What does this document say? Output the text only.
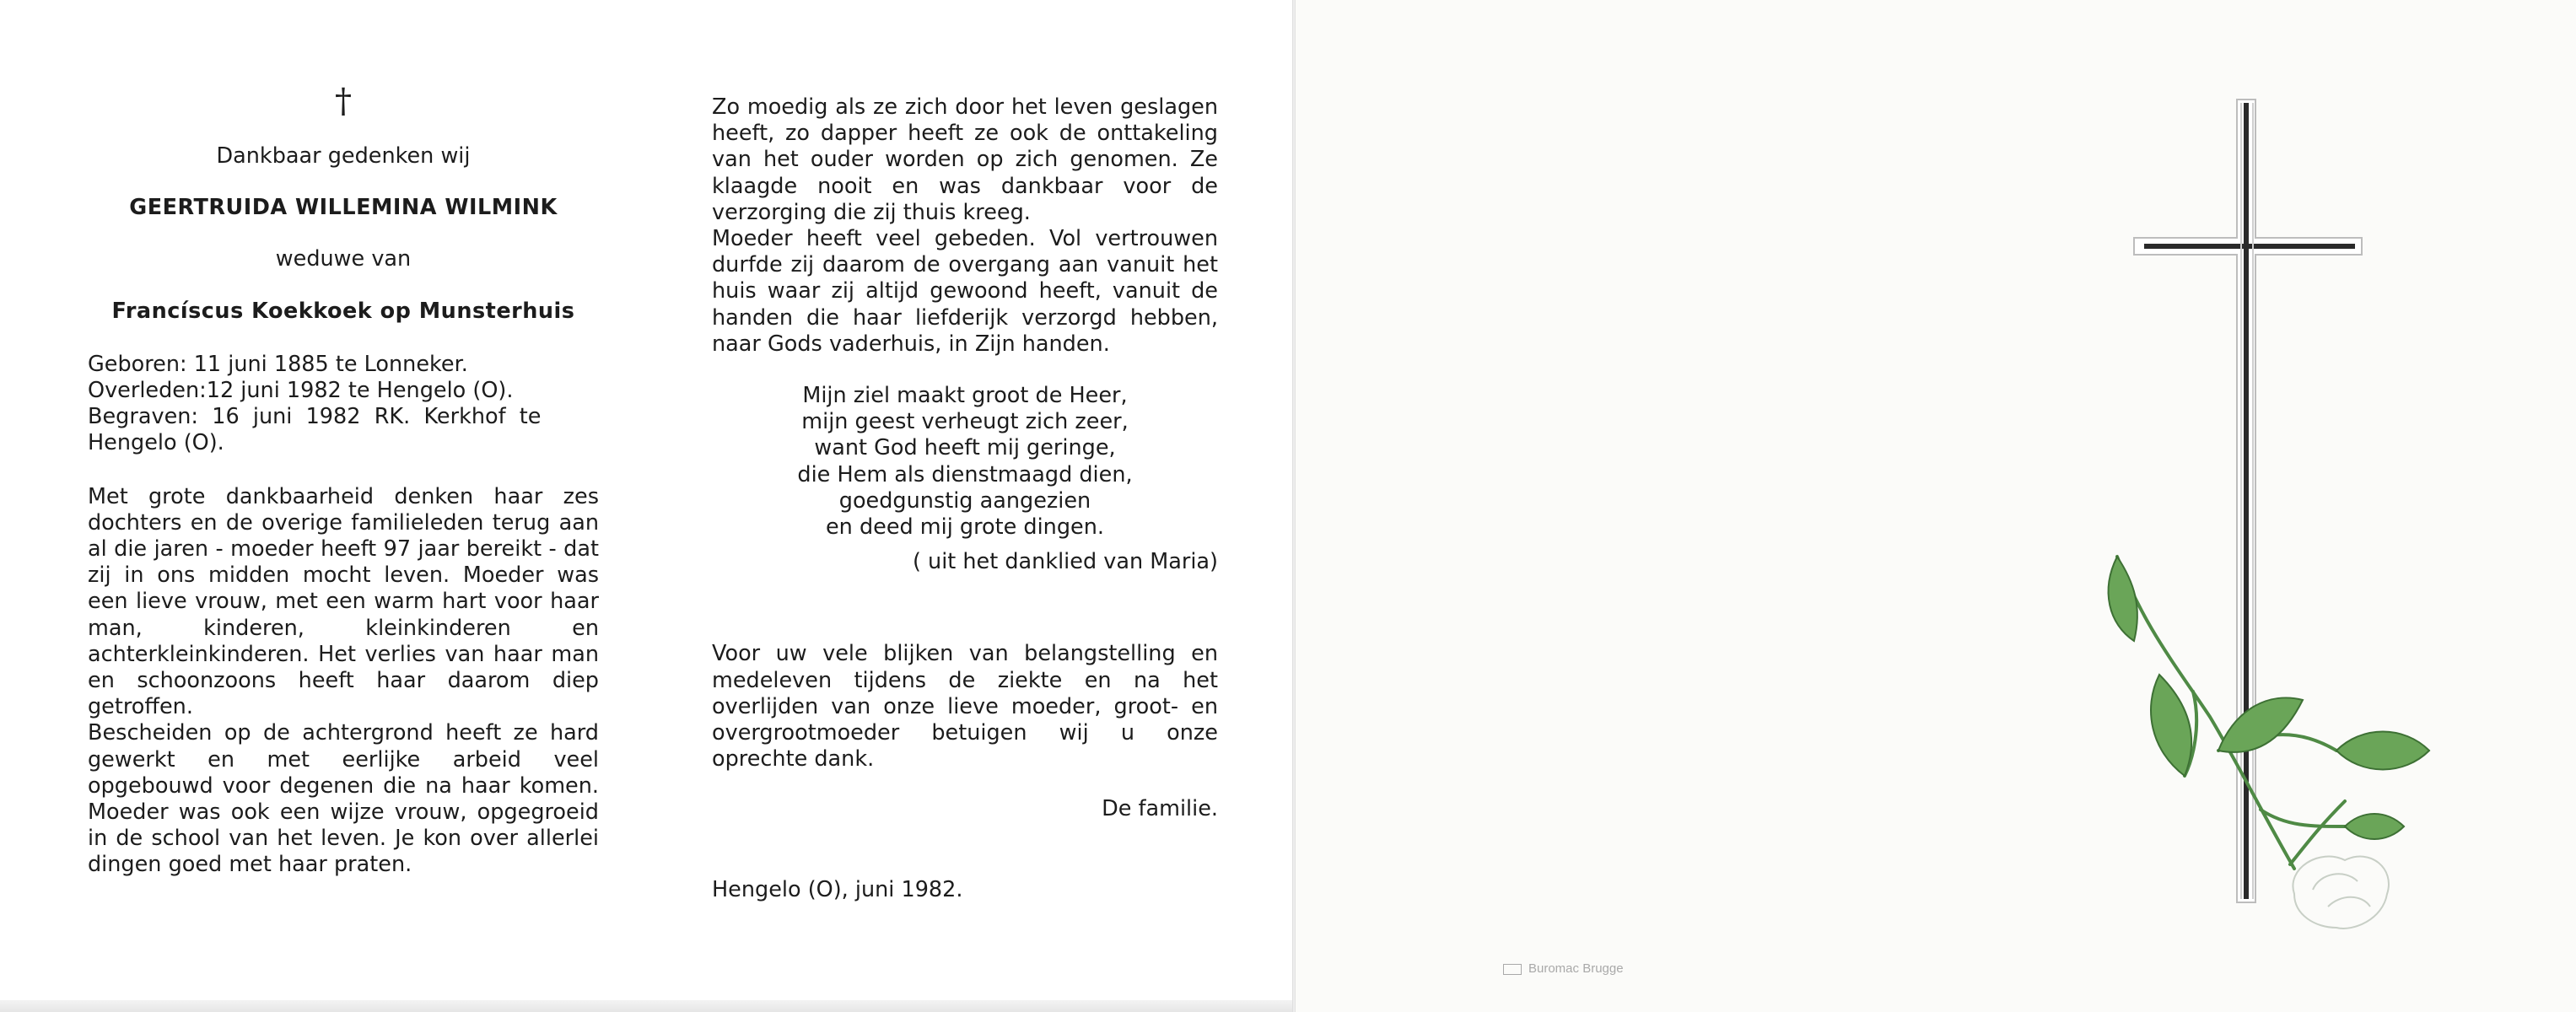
†

Dankbaar gedenken wij

GEERTRUIDA WILLEMINA WILMINK

weduwe van

Francíscus Koekkoek op Munsterhuis

Geboren: 11 juni 1885 te Lonneker.

Overleden:12 juni 1982 te Hengelo (O).

Begraven:  16  juni  1982  RK.  Kerkhof  te

Hengelo (O).

Met grote dankbaarheid denken haar zes dochters en de overige familieleden terug aan al die jaren - moeder heeft 97 jaar bereikt - dat zij in ons midden mocht leven. Moeder was een lieve vrouw, met een warm hart voor haar man, kinderen, kleinkinderen en achterkleinkinderen. Het verlies van haar man en schoonzoons heeft haar daarom diep getroffen.

Bescheiden op de achtergrond heeft ze hard gewerkt en met eerlijke arbeid veel opgebouwd voor degenen die na haar komen. Moeder was ook een wijze vrouw, opgegroeid in de school van het leven. Je kon over allerlei dingen goed met haar praten.

Zo moedig als ze zich door het leven geslagen heeft, zo dapper heeft ze ook de onttakeling van het ouder worden op zich genomen. Ze klaagde nooit en was dankbaar voor de verzorging die zij thuis kreeg.

Moeder heeft veel gebeden. Vol vertrouwen durfde zij daarom de overgang aan vanuit het huis waar zij altijd gewoond heeft, vanuit de handen die haar liefderijk verzorgd hebben, naar Gods vaderhuis, in Zijn handen.

Mijn ziel maakt groot de Heer,

mijn geest verheugt zich zeer,

want God heeft mij geringe,

die Hem als dienstmaagd dien,

goedgunstig aangezien

en deed mij grote dingen.

( uit het danklied van Maria)

Voor uw vele blijken van belangstelling en medeleven tijdens de ziekte en na het overlijden van onze lieve moeder, groot- en overgrootmoeder betuigen wij u onze oprechte dank.

De familie.

Hengelo (O), juni 1982.

Buromac Brugge
